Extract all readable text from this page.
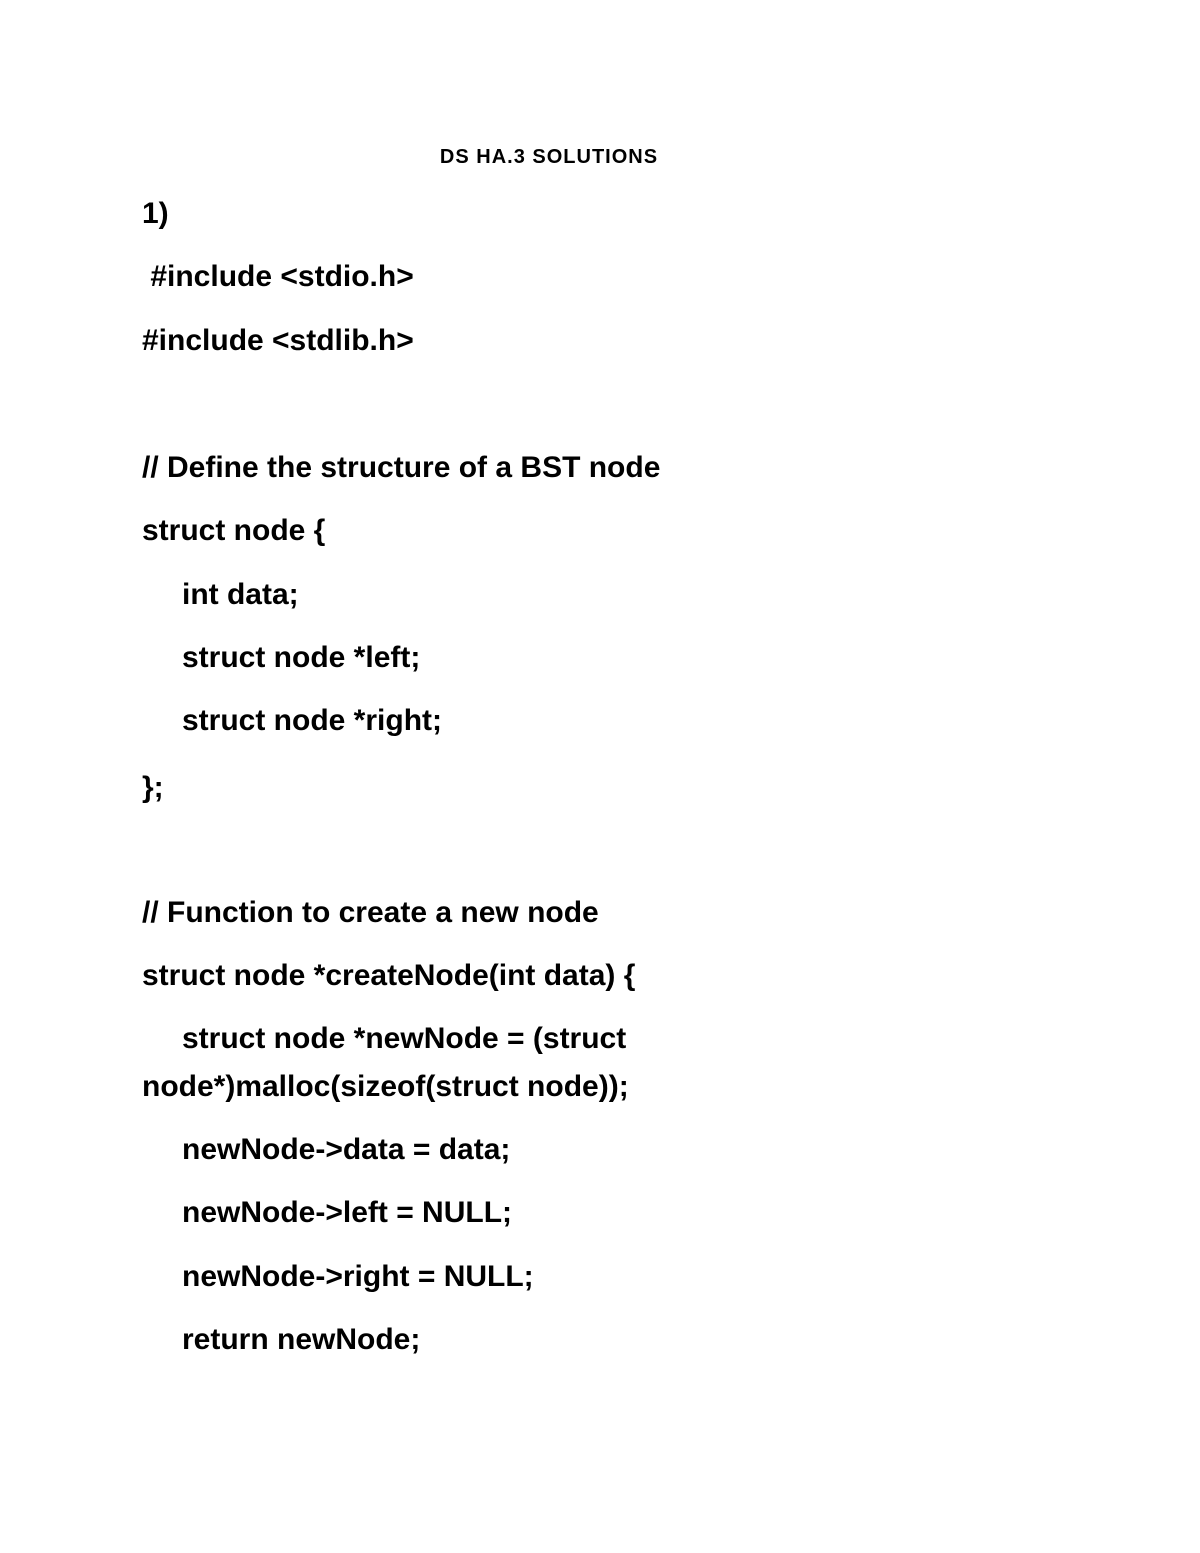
DS HA.3 SOLUTIONS
1)
#include <stdio.h>
#include <stdlib.h>
// Define the structure of a BST node
struct node {
int data;
struct node *left;
struct node *right;
};
// Function to create a new node
struct node *createNode(int data) {
struct node *newNode = (struct
node*)malloc(sizeof(struct node));
newNode->data = data;
newNode->left = NULL;
newNode->right = NULL;
return newNode;
